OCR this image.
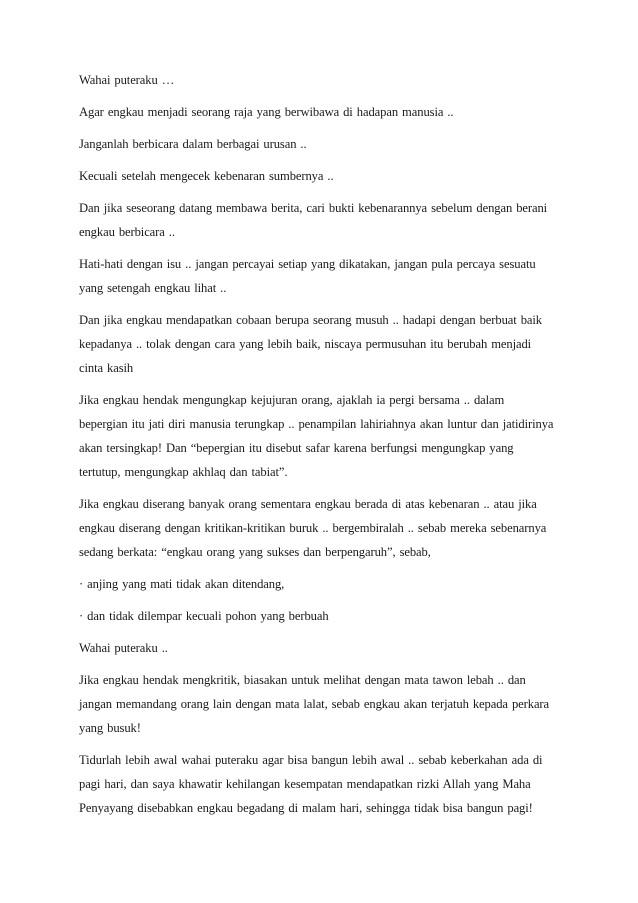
Wahai puteraku …

Agar engkau menjadi seorang raja yang berwibawa di hadapan manusia ..

Janganlah berbicara dalam berbagai urusan ..

Kecuali setelah mengecek kebenaran sumbernya ..

Dan jika seseorang datang membawa berita, cari bukti kebenarannya sebelum dengan berani
engkau berbicara ..

Hati-hati dengan isu .. jangan percayai setiap yang dikatakan, jangan pula percaya sesuatu
yang setengah engkau lihat ..

Dan jika engkau mendapatkan cobaan berupa seorang musuh .. hadapi dengan berbuat baik
kepadanya .. tolak dengan cara yang lebih baik, niscaya permusuhan itu berubah menjadi
cinta kasih

Jika engkau hendak mengungkap kejujuran orang, ajaklah ia pergi bersama .. dalam
bepergian itu jati diri manusia terungkap .. penampilan lahiriahnya akan luntur dan jatidirinya
akan tersingkap! Dan “bepergian itu disebut safar karena berfungsi mengungkap yang
tertutup, mengungkap akhlaq dan tabiat”.

Jika engkau diserang banyak orang sementara engkau berada di atas kebenaran .. atau jika
engkau diserang dengan kritikan-kritikan buruk .. bergembiralah .. sebab mereka sebenarnya
sedang berkata: “engkau orang yang sukses dan berpengaruh”, sebab,

· anjing yang mati tidak akan ditendang,

· dan tidak dilempar kecuali pohon yang berbuah

Wahai puteraku ..

Jika engkau hendak mengkritik, biasakan untuk melihat dengan mata tawon lebah .. dan
jangan memandang orang lain dengan mata lalat, sebab engkau akan terjatuh kepada perkara
yang busuk!

Tidurlah lebih awal wahai puteraku agar bisa bangun lebih awal .. sebab keberkahan ada di
pagi hari, dan saya khawatir kehilangan kesempatan mendapatkan rizki Allah yang Maha
Penyayang disebabkan engkau begadang di malam hari, sehingga tidak bisa bangun pagi!
